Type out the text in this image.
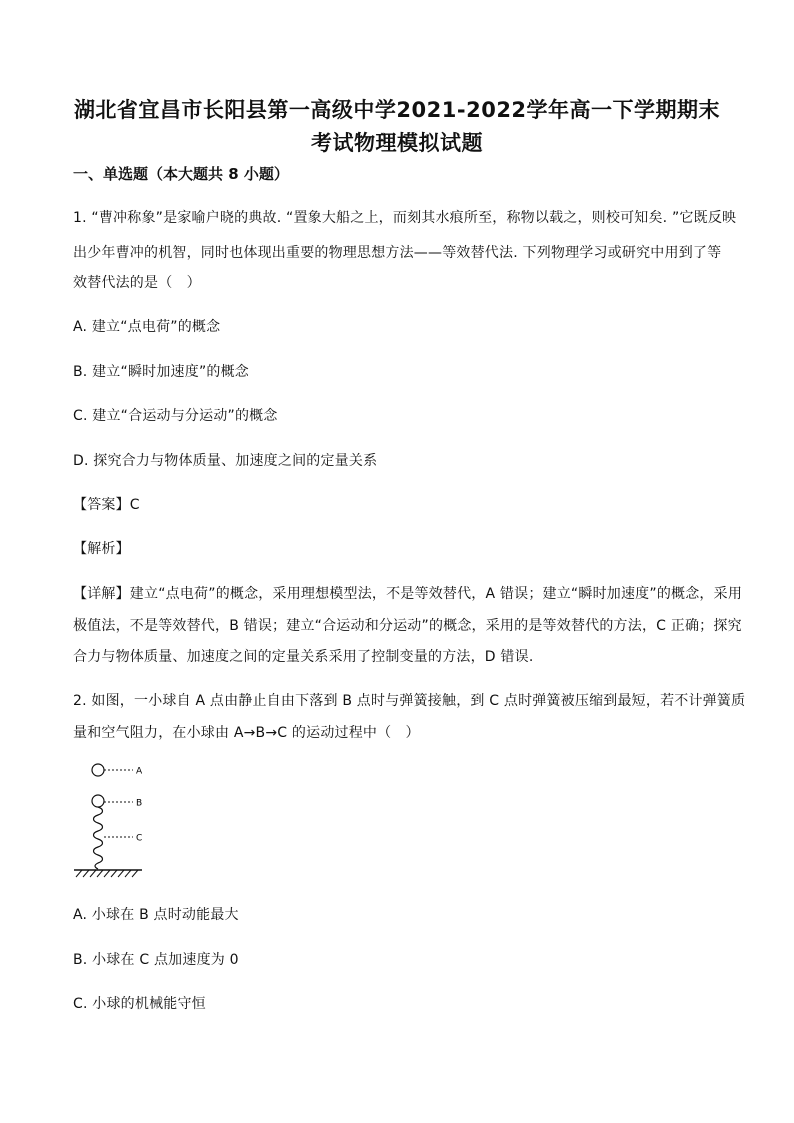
湖北省宜昌市长阳县第一高级中学2021-2022学年高一下学期期末
考试物理模拟试题
一、单选题（本大题共 8 小题）
1. “曹冲称象”是家喻户晓的典故. “置象大船之上，而刻其水痕所至，称物以载之，则校可知矣. ”它既反映
出少年曹冲的机智，同时也体现出重要的物理思想方法——等效替代法. 下列物理学习或研究中用到了等
效替代法的是（　）
A. 建立“点电荷”的概念
B. 建立“瞬时加速度”的概念
C. 建立“合运动与分运动”的概念
D. 探究合力与物体质量、加速度之间的定量关系
【答案】C
【解析】
【详解】建立“点电荷”的概念，采用理想模型法，不是等效替代，A 错误；建立“瞬时加速度”的概念，采用
极值法，不是等效替代，B 错误；建立“合运动和分运动”的概念，采用的是等效替代的方法，C 正确；探究
合力与物体质量、加速度之间的定量关系采用了控制变量的方法，D 错误.
2. 如图，一小球自 A 点由静止自由下落到 B 点时与弹簧接触，到 C 点时弹簧被压缩到最短，若不计弹簧质
量和空气阻力，在小球由 A→B→C 的运动过程中（　）
A
B
C
A. 小球在 B 点时动能最大
B. 小球在 C 点加速度为 0
C. 小球的机械能守恒
